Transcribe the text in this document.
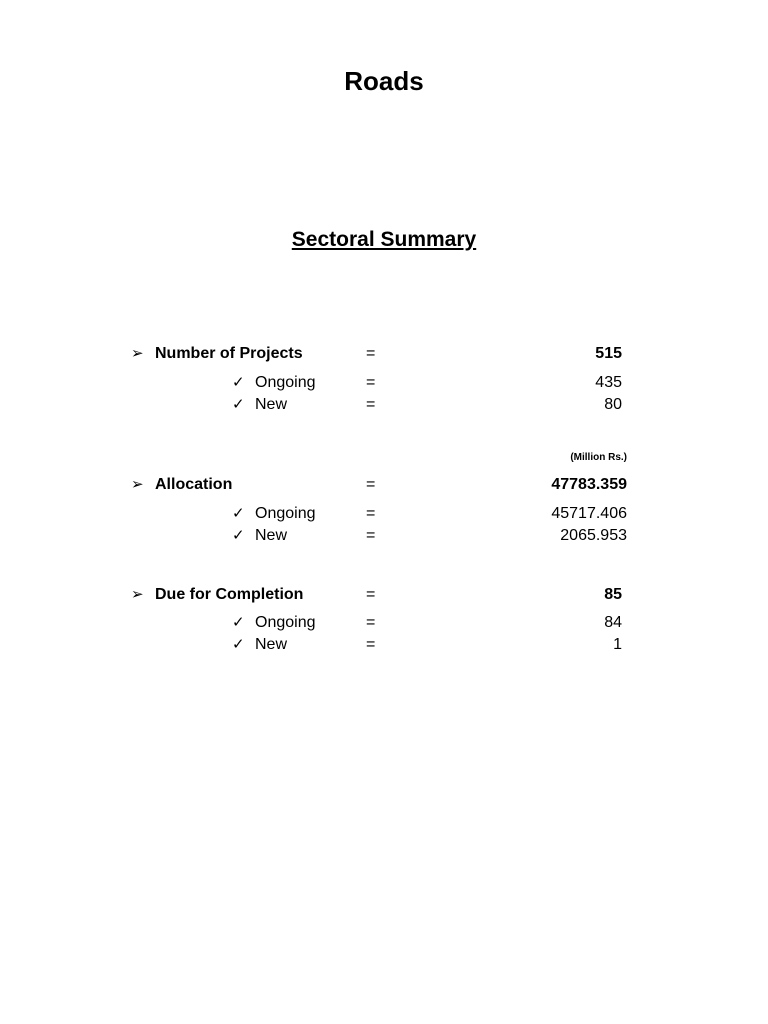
Roads
Sectoral Summary
➢ Number of Projects	=	515
✓ Ongoing	=	435
✓ New	=	80
(Million Rs.)
➢ Allocation	=	47783.359
✓ Ongoing	=	45717.406
✓ New	=	2065.953
➢ Due for Completion	=	85
✓ Ongoing	=	84
✓ New	=	1
